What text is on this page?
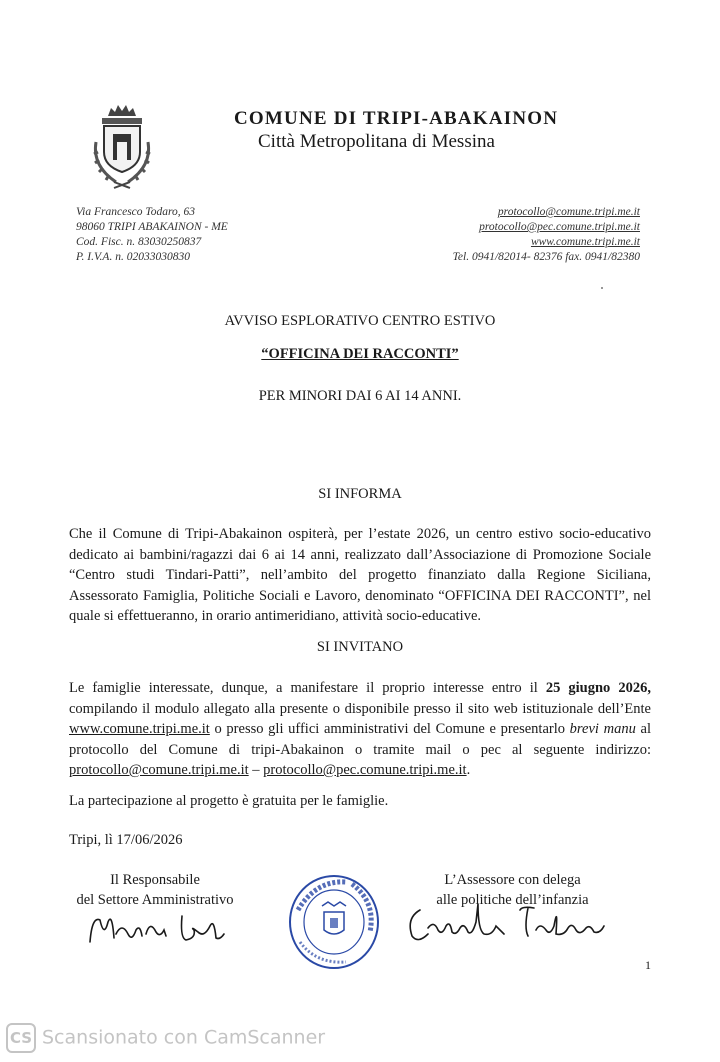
COMUNE DI TRIPI-ABAKAINON
Città Metropolitana di Messina
Via Francesco Todaro, 63
98060 TRIPI ABAKAINON - ME
Cod. Fisc. n. 83030250837
P. I.V.A. n. 02033030830
protocollo@comune.tripi.me.it
protocollo@pec.comune.tripi.me.it
www.comune.tripi.me.it
Tel. 0941/82014- 82376 fax. 0941/82380
AVVISO ESPLORATIVO CENTRO ESTIVO
“OFFICINA DEI RACCONTI”
PER MINORI DAI 6 AI 14 ANNI.
SI INFORMA
Che il Comune di Tripi-Abakainon ospiterà, per l’estate 2026, un centro estivo socio-educativo
dedicato ai bambini/ragazzi dai 6 ai 14 anni, realizzato dall’Associazione di Promozione Sociale
“Centro studi Tindari-Patti”, nell’ambito del progetto finanziato dalla Regione Siciliana,
Assessorato Famiglia, Politiche Sociali e Lavoro, denominato “OFFICINA DEI RACCONTI”, nel
quale si effettueranno, in orario antimeridiano, attività socio-educative.
SI INVITANO
Le famiglie interessate, dunque, a manifestare il proprio interesse entro il 25 giugno 2026,
compilando il modulo allegato alla presente o disponibile presso il sito web istituzionale dell’Ente
www.comune.tripi.me.it o presso gli uffici amministrativi del Comune e presentarlo brevi manu al
protocollo del Comune di tripi-Abakainon o tramite mail o pec al seguente indirizzo:
protocollo@comune.tripi.me.it – protocollo@pec.comune.tripi.me.it.
La partecipazione al progetto è gratuita per le famiglie.
Tripi, lì 17/06/2026
Il Responsabile
del Settore Amministrativo
L’Assessore con delega
alle politiche dell’infanzia
1
CS Scansionato con CamScanner
